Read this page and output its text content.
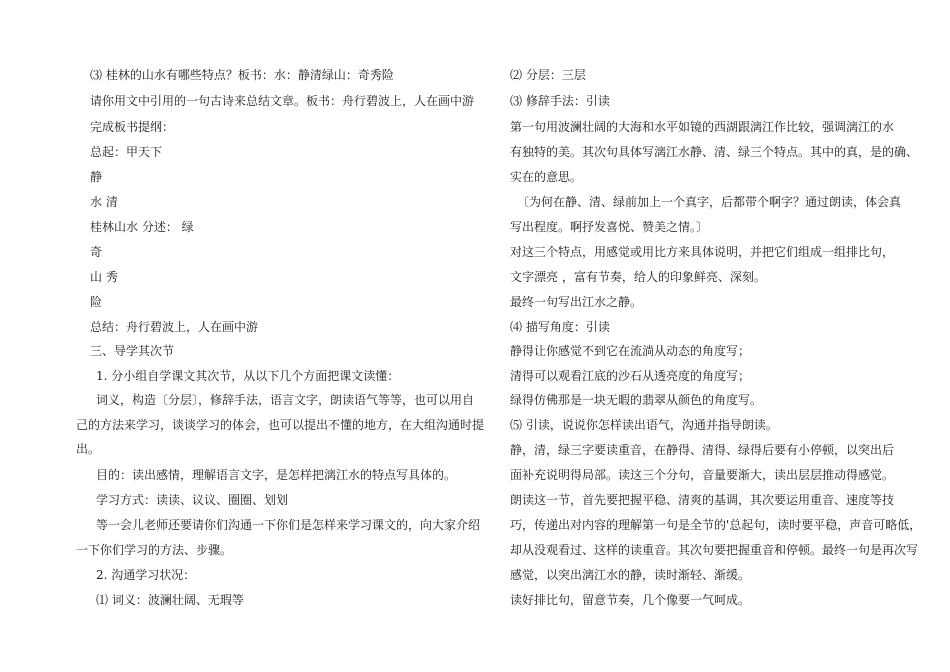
⑶ 桂林的山水有哪些特点？板书：水：静清绿山：奇秀险
请你用文中引用的一句古诗来总结文章。板书：舟行碧波上，人在画中游
完成板书提纲：
总起：甲天下
静
水 清
桂林山水 分述： 绿
奇
山 秀
险
总结：舟行碧波上，人在画中游
三、导学其次节
1. 分小组自学课文其次节，从以下几个方面把课文读懂：
词义，构造〔分层〕，修辞手法，语言文字，朗读语气等等，也可以用自
己的方法来学习，谈谈学习的体会，也可以提出不懂的地方，在大组沟通时提
出。
目的：读出感情，理解语言文字，是怎样把漓江水的特点写具体的。
学习方式：读读、议议、圈圈、划划
等一会儿老师还要请你们沟通一下你们是怎样来学习课文的，向大家介绍
一下你们学习的方法、步骤。
2. 沟通学习状况：
⑴ 词义：波澜壮阔、无瑕等
⑵ 分层：三层
⑶ 修辞手法：引读
第一句用波澜壮阔的大海和水平如镜的西湖跟漓江作比较，强调漓江的水
有独特的美。其次句具体写漓江水静、清、绿三个特点。其中的真，是的确、
实在的意思。
〔为何在静、清、绿前加上一个真字，后都带个啊字？通过朗读，体会真
写出程度。啊抒发喜悦、赞美之情。〕
对这三个特点，用感觉或用比方来具体说明，并把它们组成一组排比句，
文字漂亮 ，富有节奏，给人的印象鲜亮、深刻。
最终一句写出江水之静。
⑷ 描写角度：引读
静得让你感觉不到它在流淌从动态的角度写；
清得可以观看江底的沙石从透亮度的角度写；
绿得仿佛那是一块无暇的翡翠从颜色的角度写。
⑸ 引读，说说你怎样读出语气，沟通并指导朗读。
静，清，绿三字要读重音，在静得、清得、绿得后要有小停顿，以突出后
面补充说明得局部。读这三个分句，音量要渐大，读出层层推动得感觉。
朗读这一节，首先要把握平稳、清爽的基调，其次要运用重音、速度等技
巧，传递出对内容的理解第一句是全节的'总起句，读时要平稳，声音可略低，
却从没观看过、这样的读重音。其次句要把握重音和停顿。最终一句是再次写
感觉，以突出漓江水的静，读时渐轻、渐缓。
读好排比句，留意节奏，几个像要一气呵成。
